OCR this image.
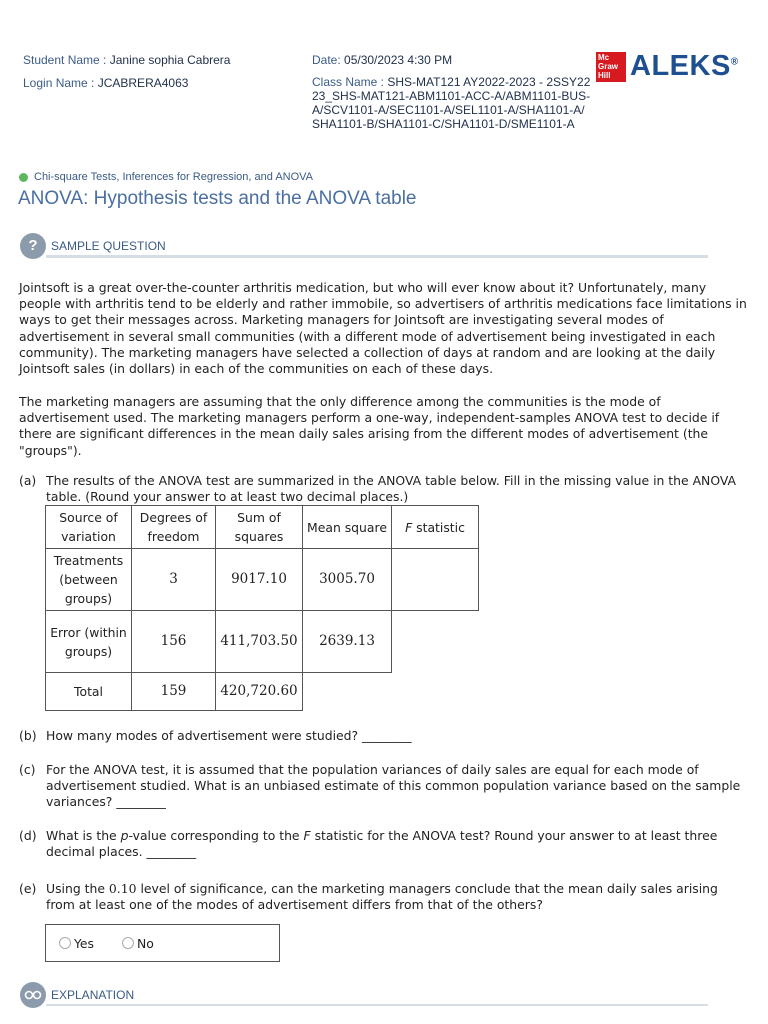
Student Name : Janine sophia Cabrera
Login Name : JCABRERA4063
Date: 05/30/2023 4:30 PM
Class Name : SHS-MAT121 AY2022-2023 - 2SSY2223_SHS-MAT121-ABM1101-ACC-A/ABM1101-BUS-A/SCV1101-A/SEC1101-A/SEL1101-A/SHA1101-A/SHA1101-B/SHA1101-C/SHA1101-D/SME1101-A
Mc
Graw
Hill ALEKS®
Chi-square Tests, Inferences for Regression, and ANOVA
ANOVA: Hypothesis tests and the ANOVA table
?	SAMPLE QUESTION
Jointsoft is a great over-the-counter arthritis medication, but who will ever know about it? Unfortunately, many people with arthritis tend to be elderly and rather immobile, so advertisers of arthritis medications face limitations in ways to get their messages across. Marketing managers for Jointsoft are investigating several modes of advertisement in several small communities (with a different mode of advertisement being investigated in each community). The marketing managers have selected a collection of days at random and are looking at the daily Jointsoft sales (in dollars) in each of the communities on each of these days.
The marketing managers are assuming that the only difference among the communities is the mode of advertisement used. The marketing managers perform a one-way, independent-samples ANOVA test to decide if there are significant differences in the mean daily sales arising from the different modes of advertisement (the "groups").
(a) The results of the ANOVA test are summarized in the ANOVA table below. Fill in the missing value in the ANOVA table. (Round your answer to at least two decimal places.)
Source of variation	Degrees of freedom	Sum of squares	Mean square	F statistic
Treatments (between groups)	3	9017.10	3005.70	
Error (within groups)	156	411,703.50	2639.13	
Total	159	420,720.60		
(b) How many modes of advertisement were studied? ________
(c) For the ANOVA test, it is assumed that the population variances of daily sales are equal for each mode of advertisement studied. What is an unbiased estimate of this common population variance based on the sample variances? ________
(d) What is the p-value corresponding to the F statistic for the ANOVA test? Round your answer to at least three decimal places. ________
(e) Using the 0.10 level of significance, can the marketing managers conclude that the mean daily sales arising from at least one of the modes of advertisement differs from that of the others?
Yes	No
EXPLANATION
